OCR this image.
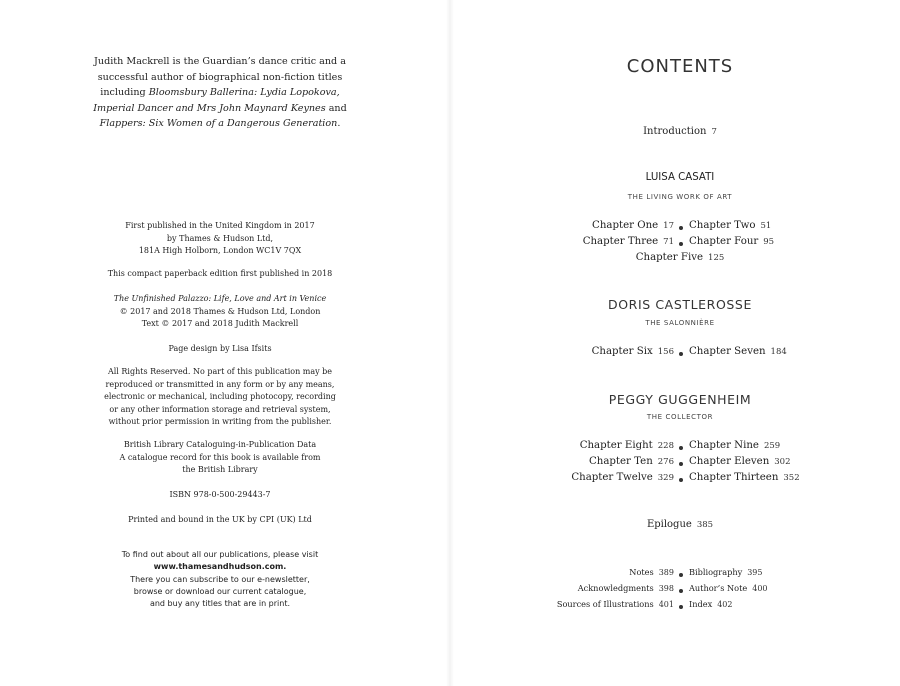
Judith Mackrell is the Guardian’s dance critic and a
successful author of biographical non-fiction titles
including Bloomsbury Ballerina: Lydia Lopokova,
Imperial Dancer and Mrs John Maynard Keynes and
Flappers: Six Women of a Dangerous Generation.
First published in the United Kingdom in 2017
by Thames & Hudson Ltd,
181A High Holborn, London WC1V 7QX
This compact paperback edition first published in 2018
The Unfinished Palazzo: Life, Love and Art in Venice
© 2017 and 2018 Thames & Hudson Ltd, London
Text © 2017 and 2018 Judith Mackrell
Page design by Lisa Ifsits
All Rights Reserved. No part of this publication may be
reproduced or transmitted in any form or by any means,
electronic or mechanical, including photocopy, recording
or any other information storage and retrieval system,
without prior permission in writing from the publisher.
British Library Cataloguing-in-Publication Data
A catalogue record for this book is available from
the British Library
ISBN 978-0-500-29443-7
Printed and bound in the UK by CPI (UK) Ltd
To find out about all our publications, please visit
www.thamesandhudson.com.
There you can subscribe to our e-newsletter,
browse or download our current catalogue,
and buy any titles that are in print.
CONTENTS
Introduction 7
LUISA CASATI
THE LIVING WORK OF ART
Chapter One 17 Chapter Two 51
Chapter Three 71 Chapter Four 95
Chapter Five 125
DORIS CASTLEROSSE
THE SALONNIÈRE
Chapter Six 156 Chapter Seven 184
PEGGY GUGGENHEIM
THE COLLECTOR
Chapter Eight 228 Chapter Nine 259
Chapter Ten 276 Chapter Eleven 302
Chapter Twelve 329 Chapter Thirteen 352
Epilogue 385
Notes 389 Bibliography 395
Acknowledgments 398 Author’s Note 400
Sources of Illustrations 401 Index 402
